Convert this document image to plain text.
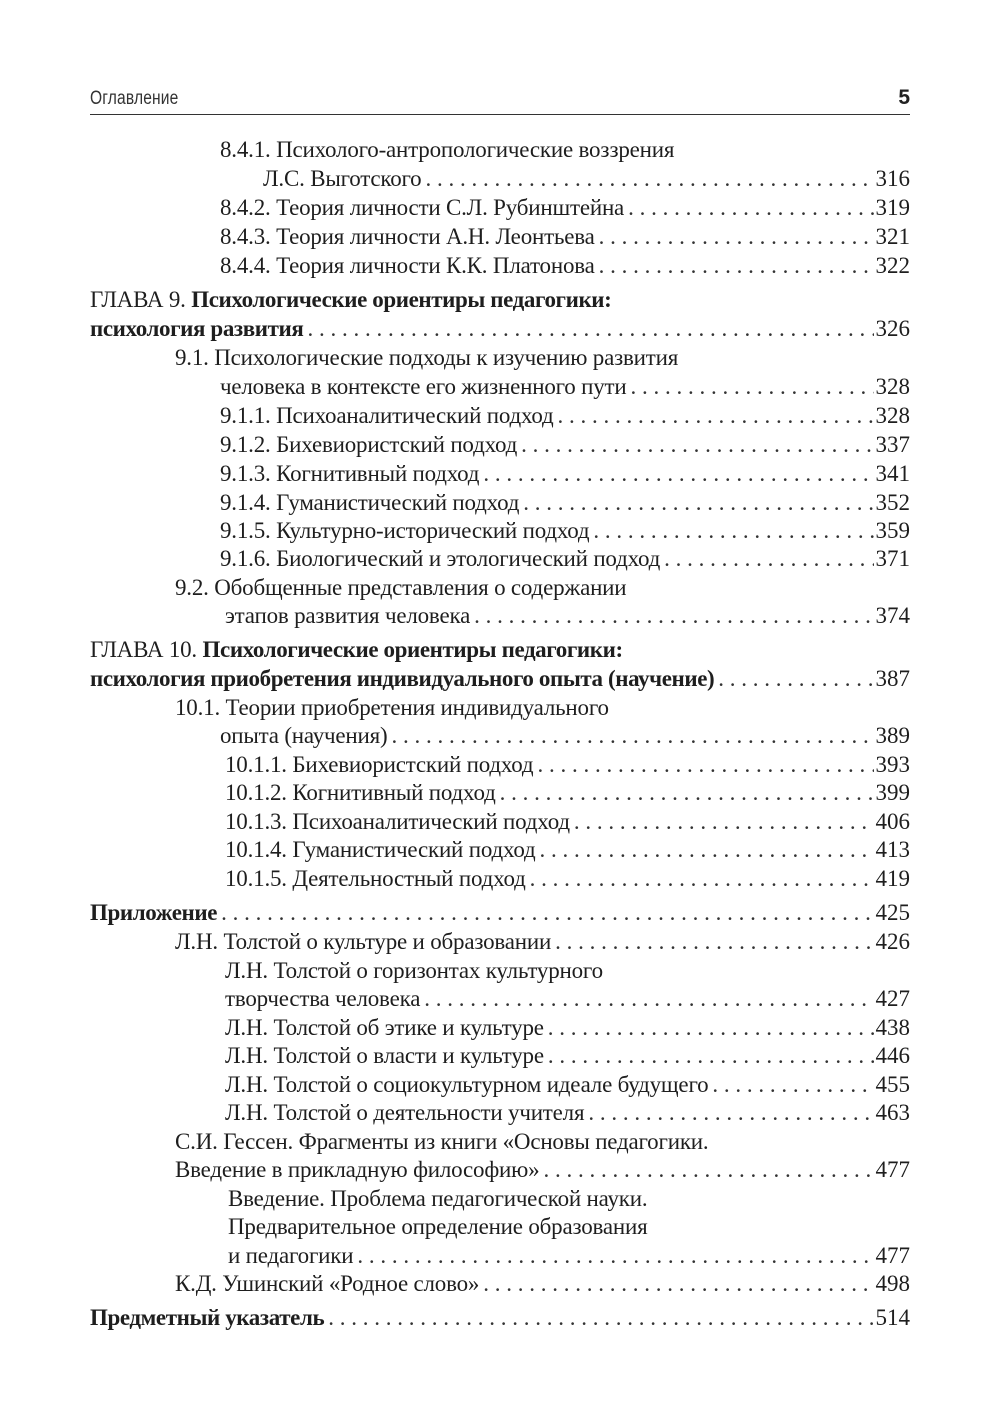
Оглавление	5
8.4.1. Психолого-антропологические воззрения
Л.С. Выготского . . .	316
8.4.2. Теория личности С.Л. Рубинштейна . . .	319
8.4.3. Теория личности А.Н. Леонтьева . . .	321
8.4.4. Теория личности К.К. Платонова . . .	322
ГЛАВА 9. Психологические ориентиры педагогики:
психология развития . . .	326
9.1. Психологические подходы к изучению развития
человека в контексте его жизненного пути . . .	328
9.1.1. Психоаналитический подход . . .	328
9.1.2. Бихевиористский подход . . .	337
9.1.3. Когнитивный подход . . .	341
9.1.4. Гуманистический подход . . .	352
9.1.5. Культурно-исторический подход . . .	359
9.1.6. Биологический и этологический подход . . .	371
9.2. Обобщенные представления о содержании
этапов развития человека . . .	374
ГЛАВА 10. Психологические ориентиры педагогики:
психология приобретения индивидуального опыта (научение) . . .	387
10.1. Теории приобретения индивидуального
опыта (научения) . . .	389
10.1.1. Бихевиористский подход . . .	393
10.1.2. Когнитивный подход . . .	399
10.1.3. Психоаналитический подход . . .	406
10.1.4. Гуманистический подход . . .	413
10.1.5. Деятельностный подход . . .	419
Приложение . . .	425
Л.Н. Толстой о культуре и образовании . . .	426
Л.Н. Толстой о горизонтах культурного
творчества человека . . .	427
Л.Н. Толстой об этике и культуре . . .	438
Л.Н. Толстой о власти и культуре . . .	446
Л.Н. Толстой о социокультурном идеале будущего . . .	455
Л.Н. Толстой о деятельности учителя . . .	463
С.И. Гессен. Фрагменты из книги «Основы педагогики.
Введение в прикладную философию» . . .	477
Введение. Проблема педагогической науки.
Предварительное определение образования
и педагогики . . .	477
К.Д. Ушинский «Родное слово» . . .	498
Предметный указатель . . .	514
